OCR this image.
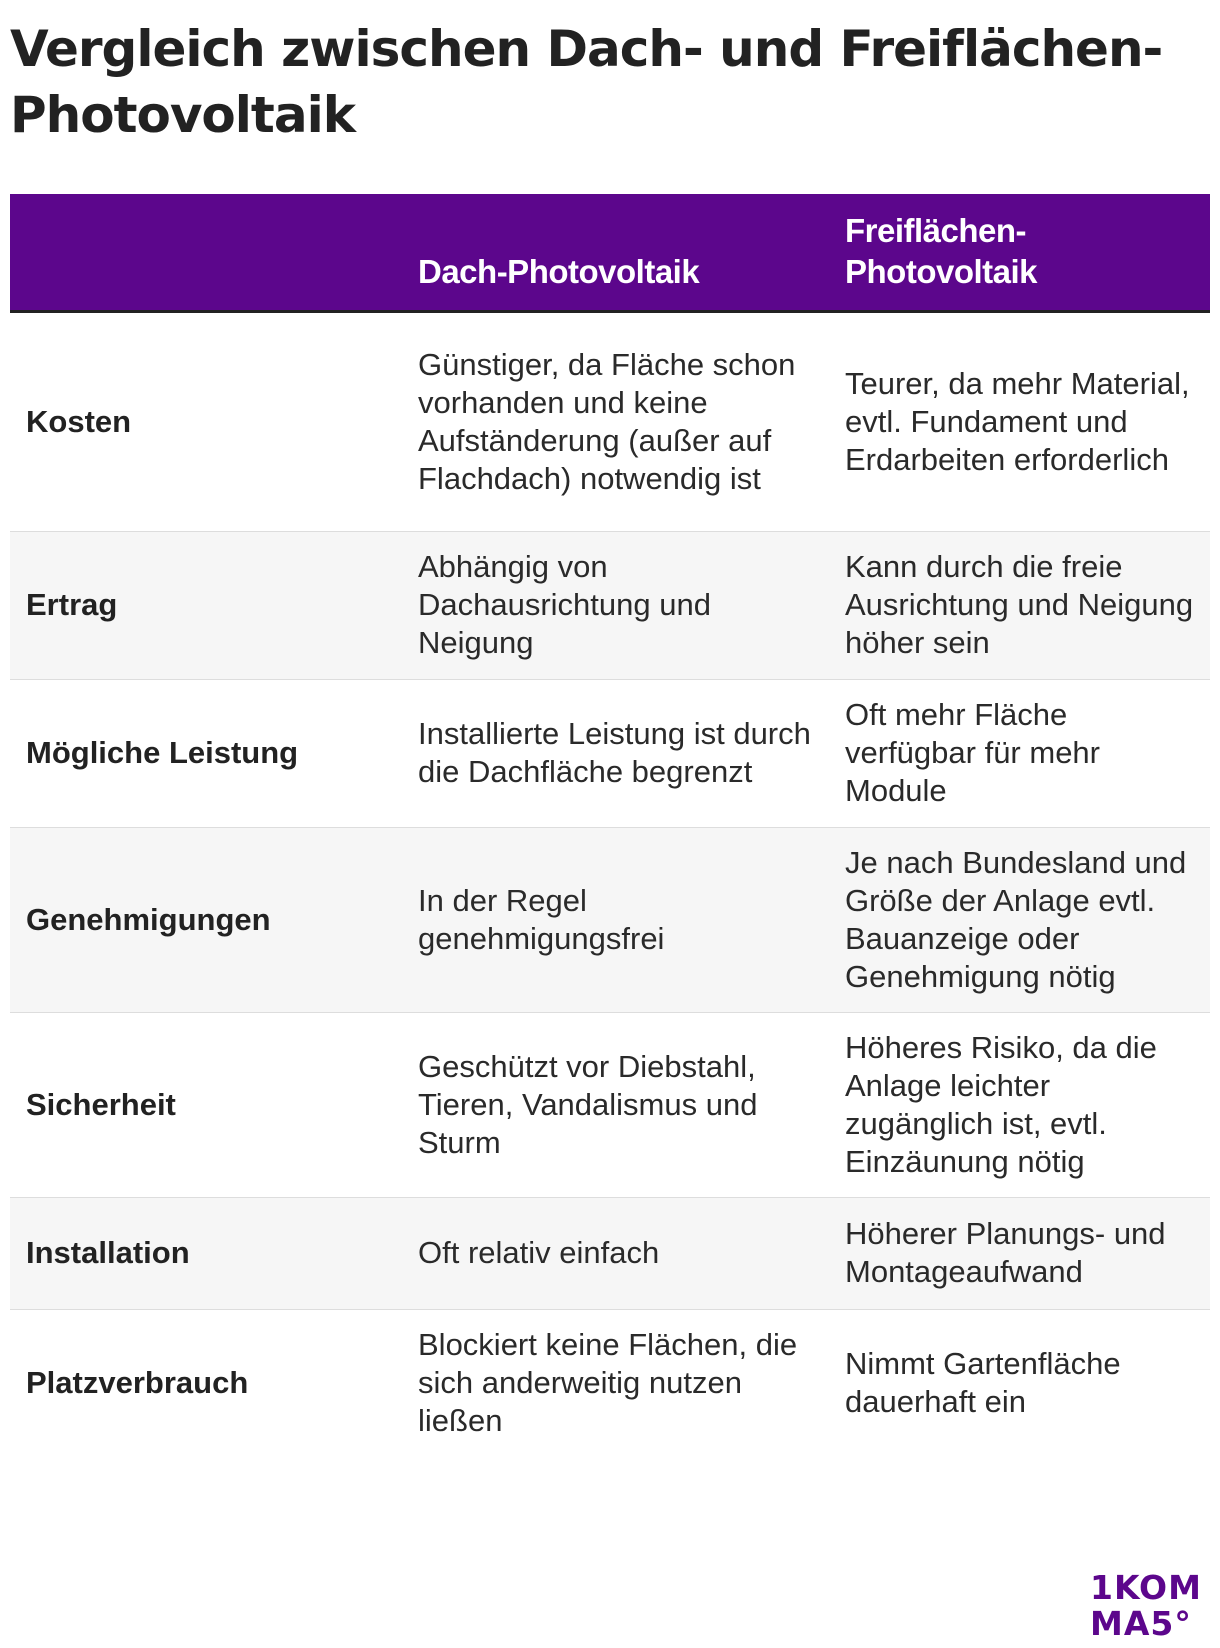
Vergleich zwischen Dach- und Freiflächen-Photovoltaik
	Dach-Photovoltaik	Freiflächen-Photovoltaik
Kosten	Günstiger, da Fläche schon vorhanden und keine Aufständerung (außer auf Flachdach) notwendig ist	Teurer, da mehr Material, evtl. Fundament und Erdarbeiten erforderlich
Ertrag	Abhängig von Dachausrichtung und Neigung	Kann durch die freie Ausrichtung und Neigung höher sein
Mögliche Leistung	Installierte Leistung ist durch die Dachfläche begrenzt	Oft mehr Fläche verfügbar für mehr Module
Genehmigungen	In der Regel genehmigungsfrei	Je nach Bundesland und Größe der Anlage evtl. Bauanzeige oder Genehmigung nötig
Sicherheit	Geschützt vor Diebstahl, Tieren, Vandalismus und Sturm	Höheres Risiko, da die Anlage leichter zugänglich ist, evtl. Einzäunung nötig
Installation	Oft relativ einfach	Höherer Planungs- und Montageaufwand
Platzverbrauch	Blockiert keine Flächen, die sich anderweitig nutzen ließen	Nimmt Gartenfläche dauerhaft ein
1KOM
MA5°
